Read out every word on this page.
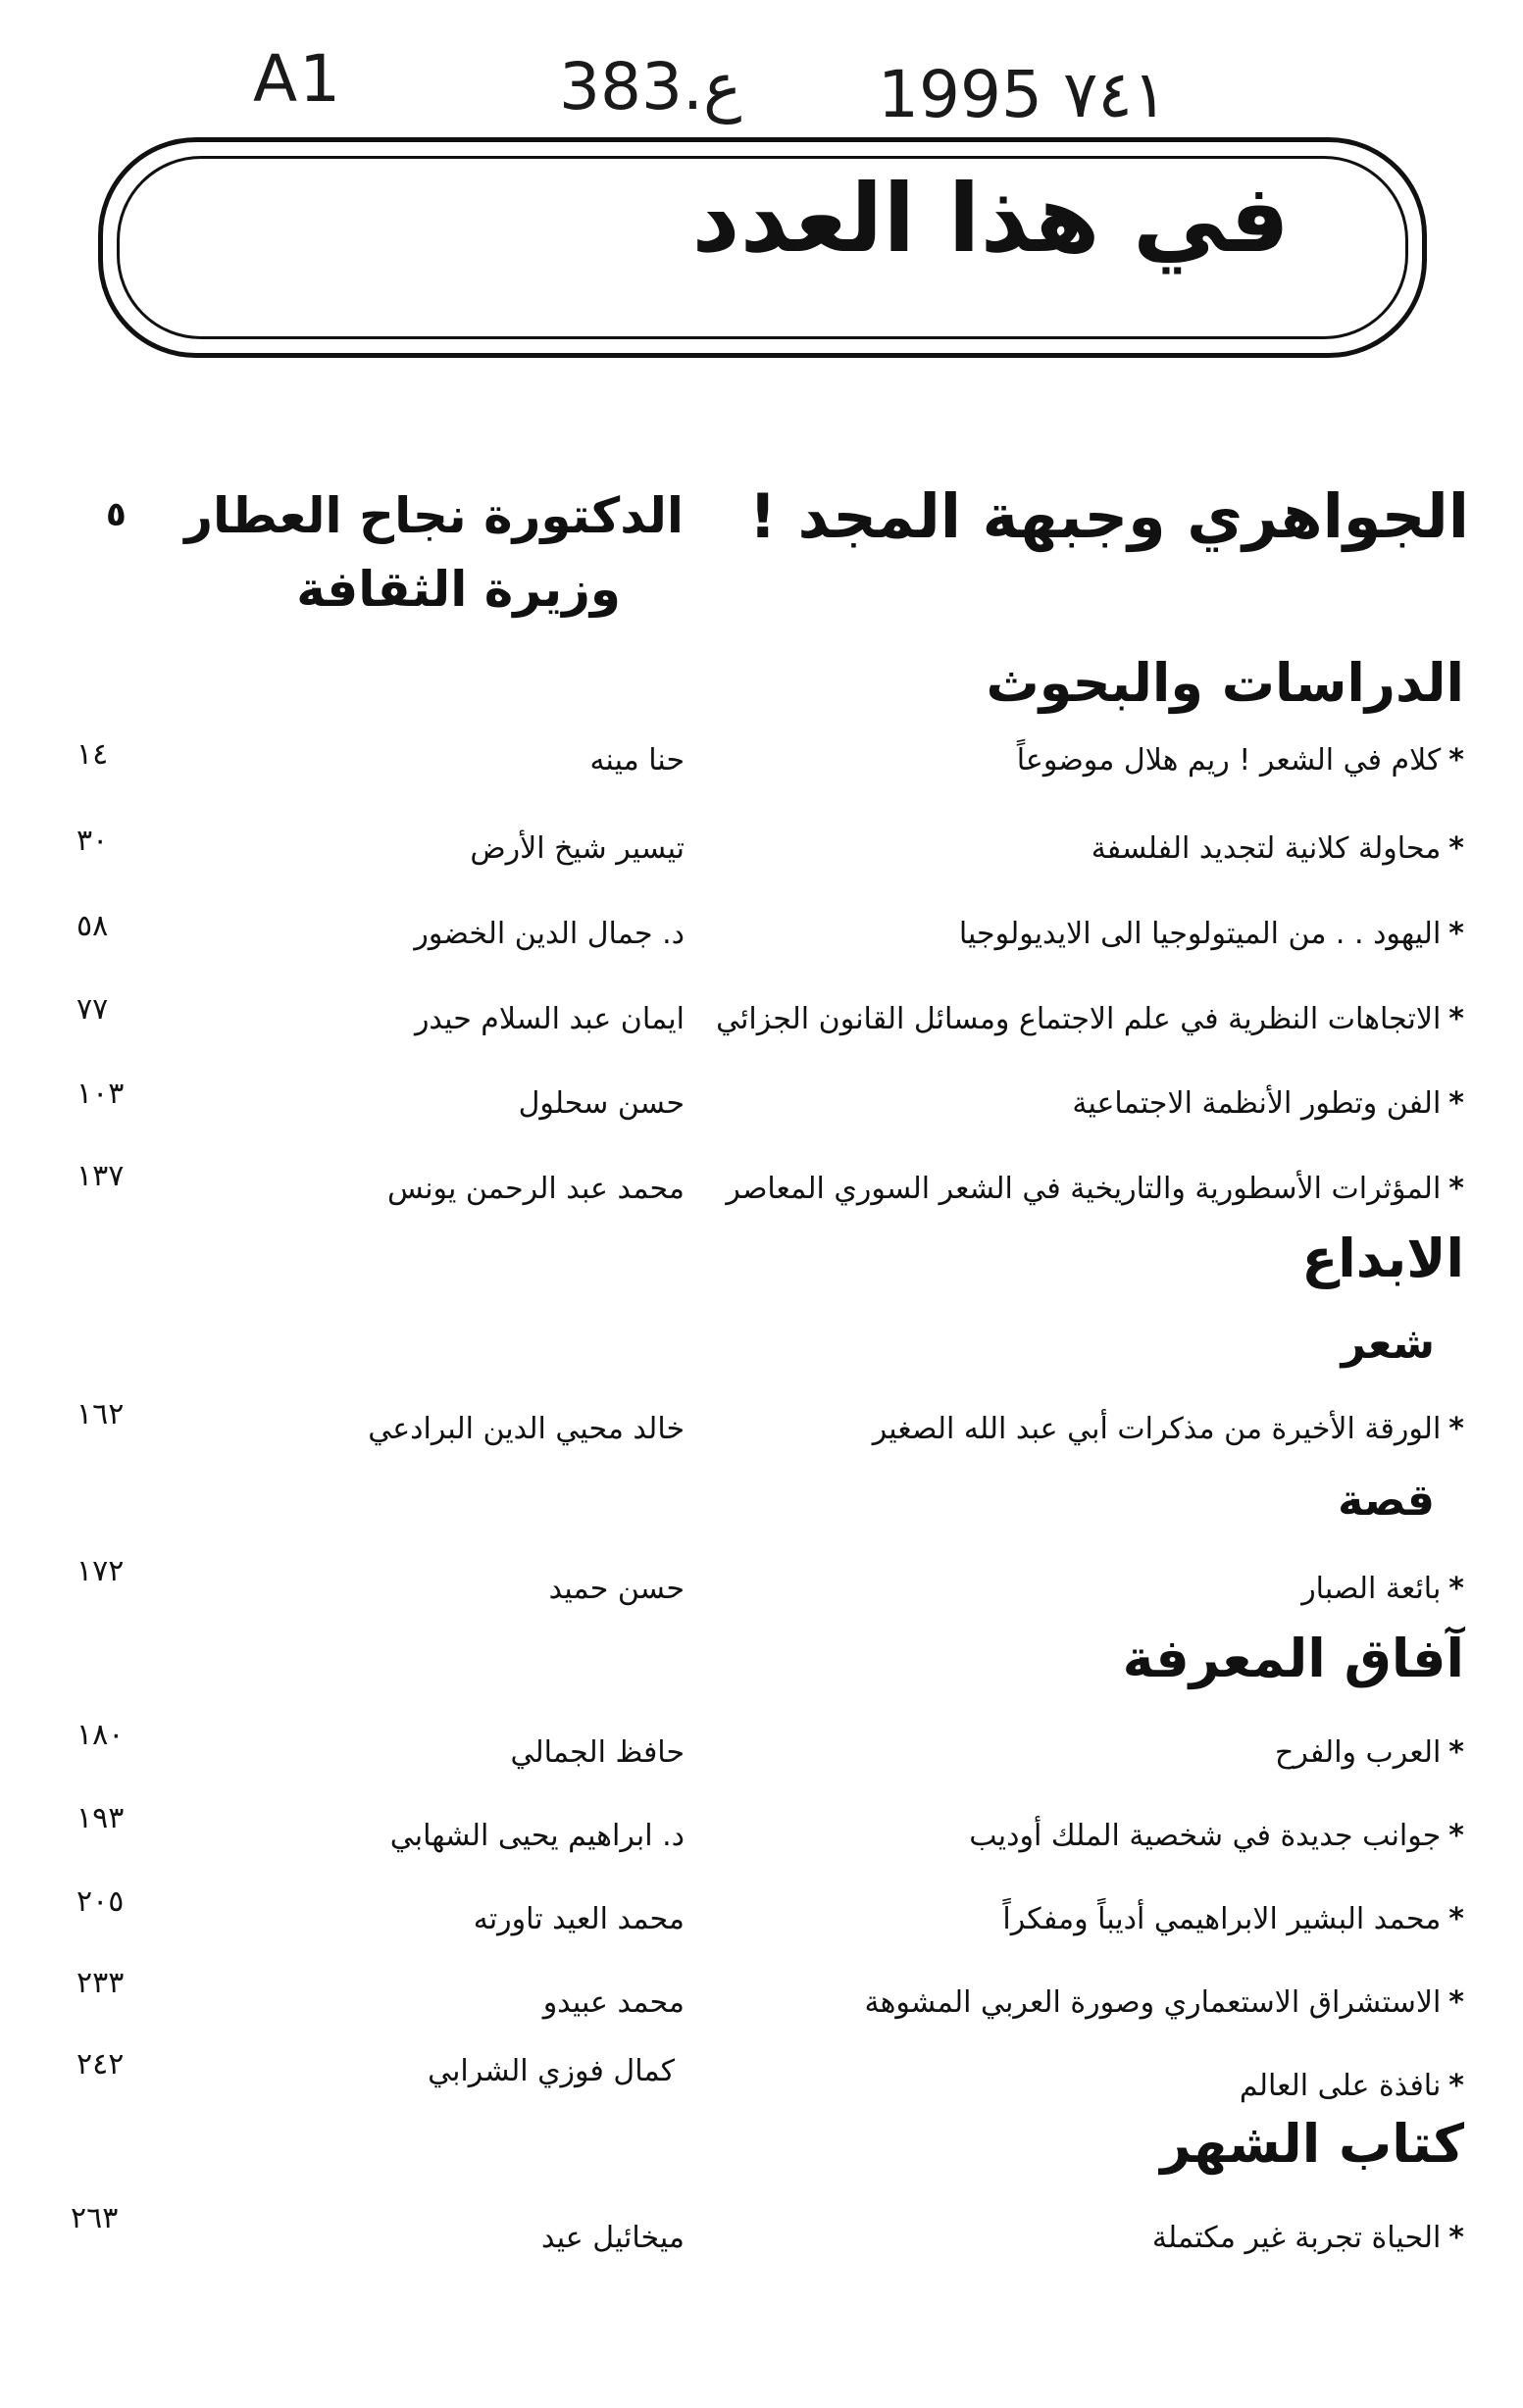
A1	383.ع 1995 ٧٤١
في هذا العدد
الجواهري وجبهة المجد !
الدكتورة نجاح العطار
وزيرة الثقافة
٥
الدراسات والبحوث
*كلام في الشعر ! ريم هلال موضوعاً
حنا مينه
١٤
*محاولة كلانية لتجديد الفلسفة
تيسير شيخ الأرض
٣٠
*اليهود . . من الميتولوجيا الى الايديولوجيا
د. جمال الدين الخضور
٥٨
*الاتجاهات النظرية في علم الاجتماع ومسائل القانون الجزائي
ايمان عبد السلام حيدر
٧٧
*الفن وتطور الأنظمة الاجتماعية
حسن سحلول
١٠٣
*المؤثرات الأسطورية والتاريخية في الشعر السوري المعاصر
محمد عبد الرحمن يونس
١٣٧
الابداع
شعر
*الورقة الأخيرة من مذكرات أبي عبد الله الصغير
خالد محيي الدين البرادعي
١٦٢
قصة
*بائعة الصبار
حسن حميد
١٧٢
آفاق المعرفة
*العرب والفرح
حافظ الجمالي
١٨٠
*جوانب جديدة في شخصية الملك أوديب
د. ابراهيم يحيى الشهابي
١٩٣
*محمد البشير الابراهيمي أديباً ومفكراً
محمد العيد تاورته
٢٠٥
*الاستشراق الاستعماري وصورة العربي المشوهة
محمد عبيدو
٢٣٣
*نافذة على العالم
كمال فوزي الشرابي
٢٤٢
كتاب الشهر
*الحياة تجربة غير مكتملة
ميخائيل عيد
٢٦٣
